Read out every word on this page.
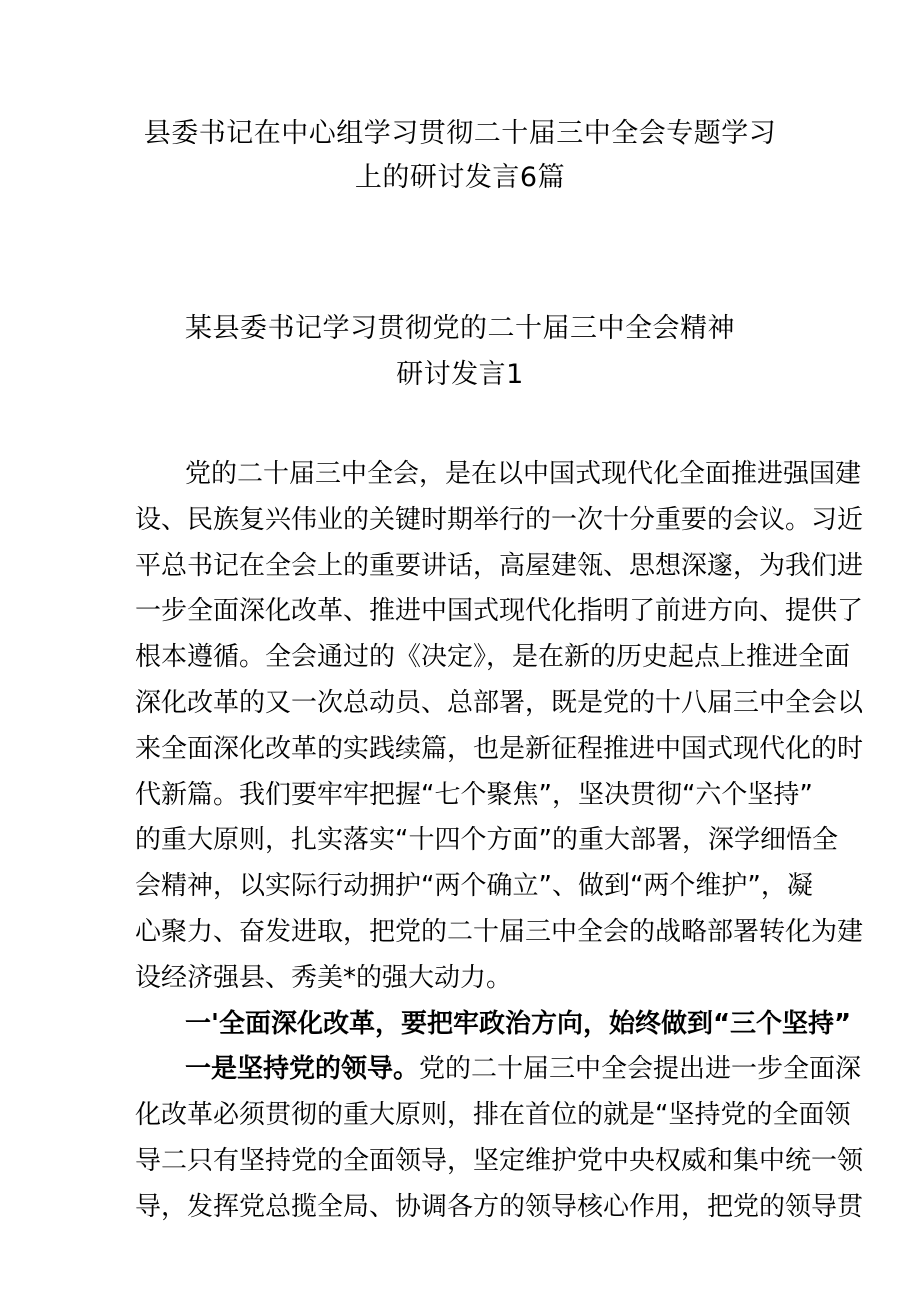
县委书记在中心组学习贯彻二十届三中全会专题学习
上的研讨发言6篇
某县委书记学习贯彻党的二十届三中全会精神
研讨发言1
党的二十届三中全会，是在以中国式现代化全面推进强国建
设、民族复兴伟业的关键时期举行的一次十分重要的会议。习近
平总书记在全会上的重要讲话，高屋建瓴、思想深邃，为我们进
一步全面深化改革、推进中国式现代化指明了前进方向、提供了
根本遵循。全会通过的《决定》，是在新的历史起点上推进全面
深化改革的又一次总动员、总部署，既是党的十八届三中全会以
来全面深化改革的实践续篇，也是新征程推进中国式现代化的时
代新篇。我们要牢牢把握“七个聚焦”，坚决贯彻“六个坚持”
的重大原则，扎实落实“十四个方面”的重大部署，深学细悟全
会精神，以实际行动拥护“两个确立”、做到“两个维护”，凝
心聚力、奋发进取，把党的二十届三中全会的战略部署转化为建
设经济强县、秀美*的强大动力。
一'全面深化改革，要把牢政治方向，始终做到“三个坚持”
一是坚持党的领导。党的二十届三中全会提出进一步全面深
化改革必须贯彻的重大原则，排在首位的就是“坚持党的全面领
导二只有坚持党的全面领导，坚定维护党中央权威和集中统一领
导，发挥党总揽全局、协调各方的领导核心作用，把党的领导贯
